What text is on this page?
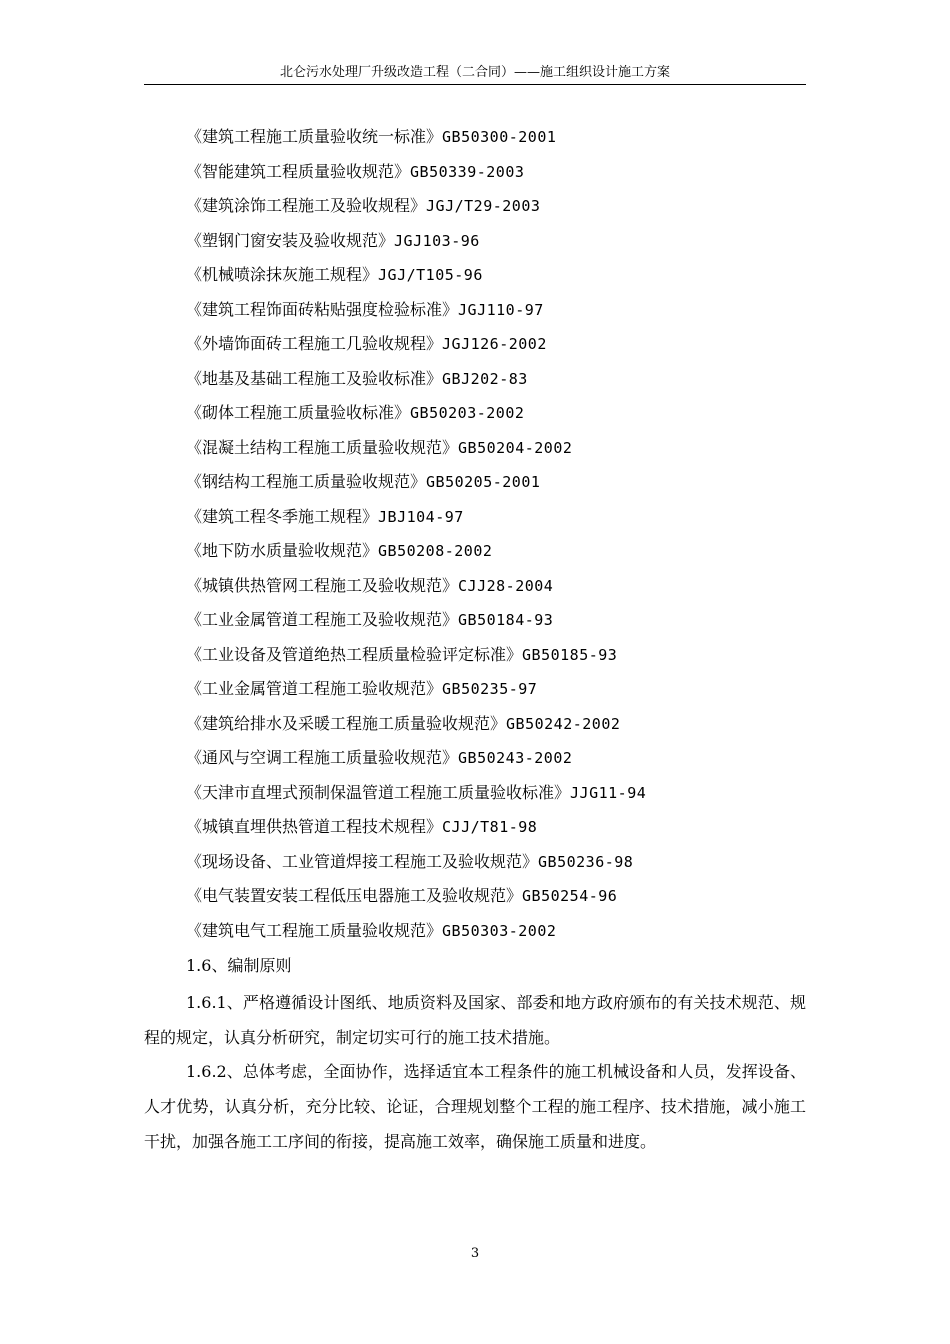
北仑污水处理厂升级改造工程（二合同）——施工组织设计施工方案
《建筑工程施工质量验收统一标准》GB50300-2001
《智能建筑工程质量验收规范》GB50339-2003
《建筑涂饰工程施工及验收规程》JGJ/T29-2003
《塑钢门窗安装及验收规范》JGJ103-96
《机械喷涂抹灰施工规程》JGJ/T105-96
《建筑工程饰面砖粘贴强度检验标准》JGJ110-97
《外墙饰面砖工程施工几验收规程》JGJ126-2002
《地基及基础工程施工及验收标准》GBJ202-83
《砌体工程施工质量验收标准》GB50203-2002
《混凝土结构工程施工质量验收规范》GB50204-2002
《钢结构工程施工质量验收规范》GB50205-2001
《建筑工程冬季施工规程》JBJ104-97
《地下防水质量验收规范》GB50208-2002
《城镇供热管网工程施工及验收规范》CJJ28-2004
《工业金属管道工程施工及验收规范》GB50184-93
《工业设备及管道绝热工程质量检验评定标准》GB50185-93
《工业金属管道工程施工验收规范》GB50235-97
《建筑给排水及采暖工程施工质量验收规范》GB50242-2002
《通风与空调工程施工质量验收规范》GB50243-2002
《天津市直埋式预制保温管道工程施工质量验收标准》JJG11-94
《城镇直埋供热管道工程技术规程》CJJ/T81-98
《现场设备、工业管道焊接工程施工及验收规范》GB50236-98
《电气装置安装工程低压电器施工及验收规范》GB50254-96
《建筑电气工程施工质量验收规范》GB50303-2002
1.6、编制原则
1.6.1、严格遵循设计图纸、地质资料及国家、部委和地方政府颁布的有关技术规范、规程的规定，认真分析研究，制定切实可行的施工技术措施。
1.6.2、总体考虑，全面协作，选择适宜本工程条件的施工机械设备和人员，发挥设备、人才优势，认真分析，充分比较、论证，合理规划整个工程的施工程序、技术措施，减小施工干扰，加强各施工工序间的衔接，提高施工效率，确保施工质量和进度。
3
